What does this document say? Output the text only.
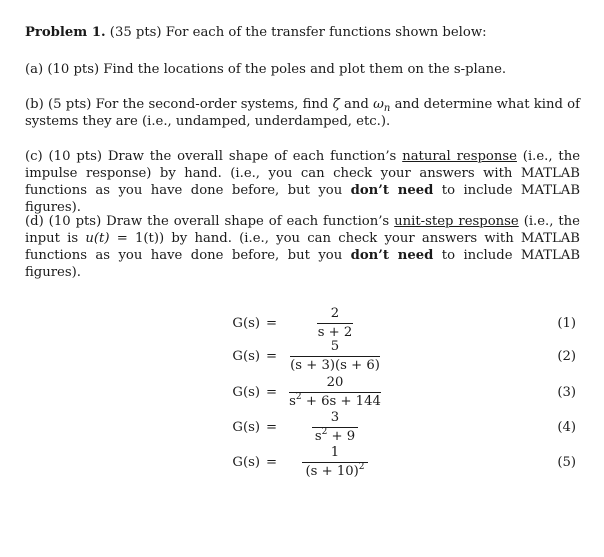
Problem 1. (35 pts) For each of the transfer functions shown below:

(a) (10 pts) Find the locations of the poles and plot them on the s-plane.

(b) (5 pts) For the second-order systems, find ζ and $\omega_n$ and determine what kind of systems they are (i.e., undamped, underdamped, etc.).

(c) (10 pts) Draw the overall shape of each function’s natural response (i.e., the impulse response) by hand. (i.e., you can check your answers with MATLAB functions as you have done before, but you don’t need to include MATLAB figures).

(d) (10 pts) Draw the overall shape of each function’s unit-step response (i.e., the input is u(t) = 1(t)) by hand. (i.e., you can check your answers with MATLAB functions as you have done before, but you don’t need to include MATLAB figures).

G(s) =
2
s + 2
(1)
G(s) =
5
(s + 3)(s + 6)
(2)
G(s) =
20
$s^2 + 6s + 144$
(3)
G(s) =
3
$s^2 + 9$
(4)
G(s) =
1
$(s + 10)^2$	(5)
